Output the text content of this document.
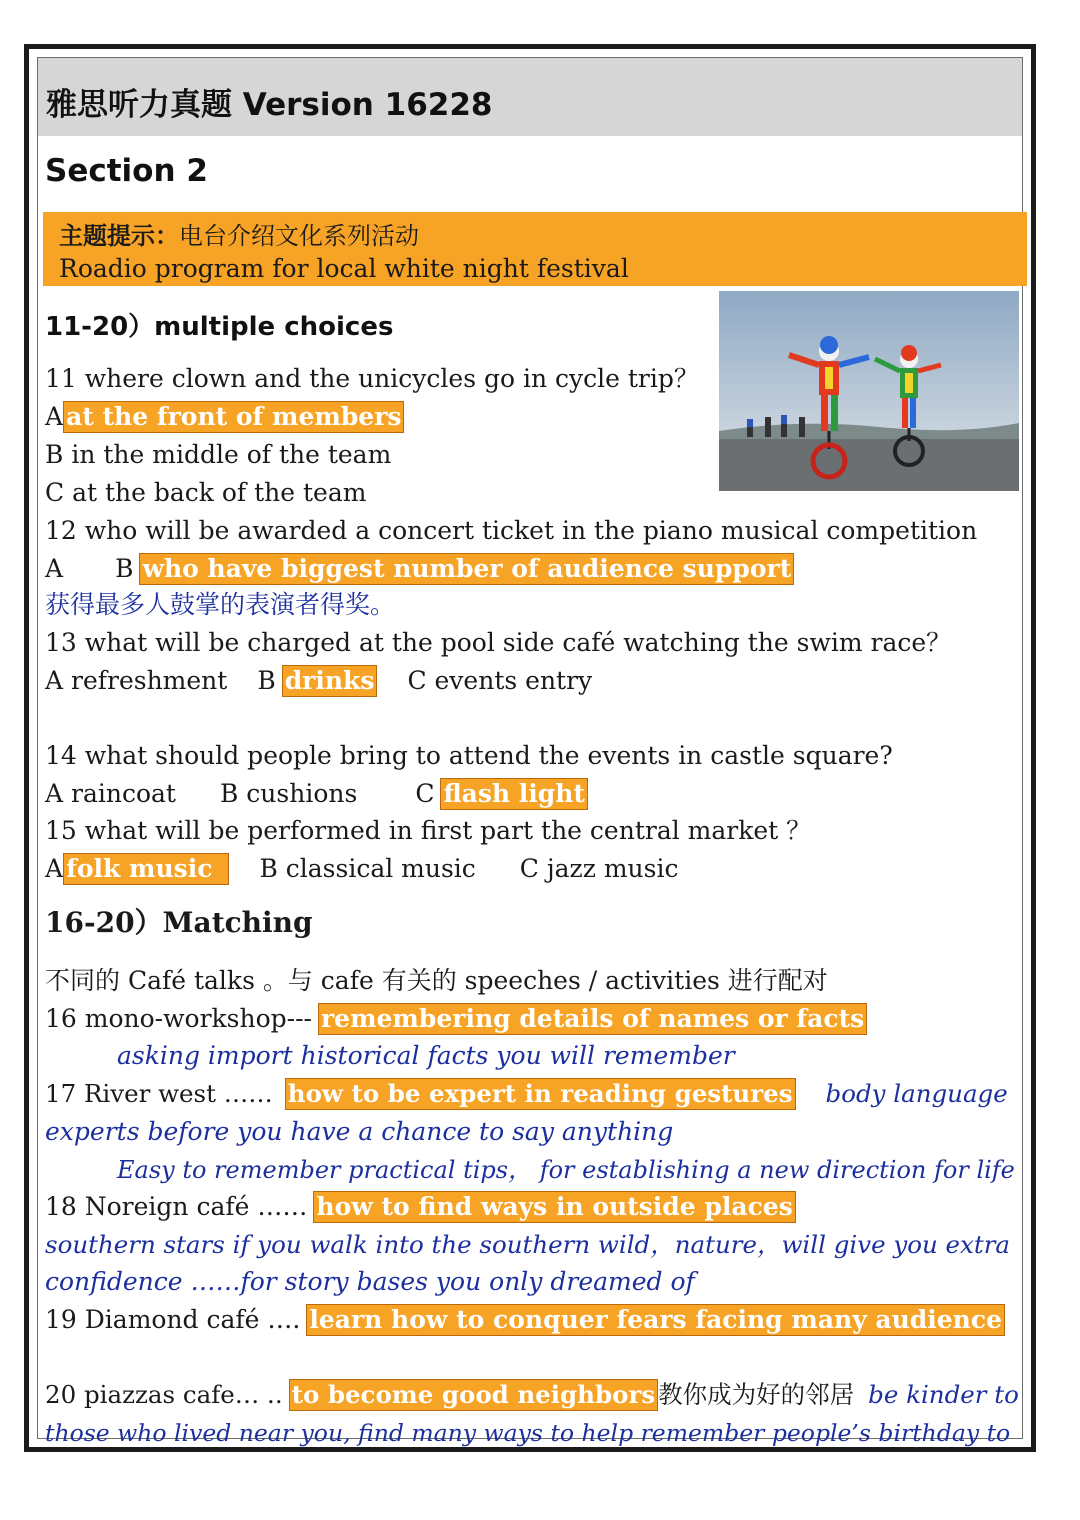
雅思听力真题 Version 16228
Section 2
主题提示：电台介绍文化系列活动
Roadio program for local white night festival
11-20）multiple choices
11 where clown and the unicycles go in cycle trip？
A at the front of members
B in the middle of the team
C at the back of the team
12 who will be awarded a concert ticket in the piano musical competition
A B who have biggest number of audience support
获得最多人鼓掌的表演者得奖。
13 what will be charged at the pool side café watching the swim race？
A refreshment B drinks C events entry
14 what should people bring to attend the events in castle square?
A raincoat B cushions C flash light
15 what will be performed in first part the central market ？
A folk music B classical music C jazz music
16-20）Matching
不同的 Café talks 。与 cafe 有关的 speeches / activities 进行配对
16 mono-workshop--- remembering details of names or facts
asking import historical facts you will remember
17 River west …… how to be expert in reading gestures body language
experts before you have a chance to say anything
Easy to remember practical tips， for establishing a new direction for life
18 Noreign café …… how to find ways in outside places
southern stars if you walk into the southern wild，nature，will give you extra
confidence ……for story bases you only dreamed of
19 Diamond café …. learn how to conquer fears facing many audience
20 piazzas cafe… .. to become good neighbors 教你成为好的邻居 be kinder to
those who lived near you, find many ways to help remember people’s birthday to
